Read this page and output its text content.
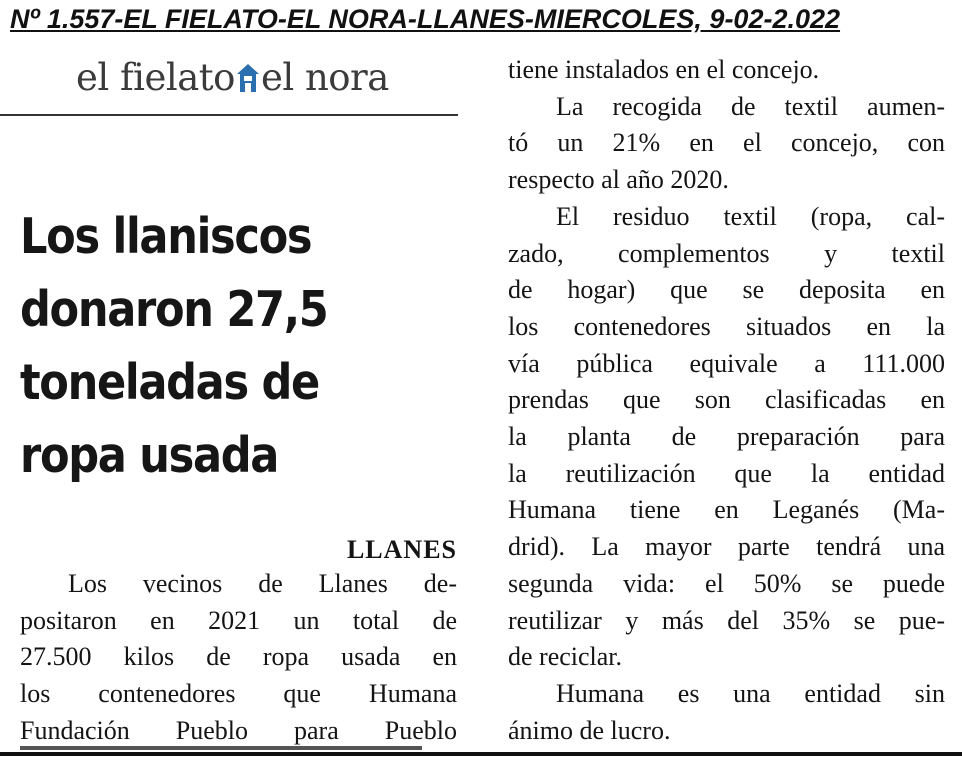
Nº 1.557-EL FIELATO-EL NORA-LLANES-MIERCOLES, 9-02-2.022
el fielato el nora

Los llaniscos
donaron 27,5
toneladas de
ropa usada

LLANES

Los vecinos de Llanes de-
positaron en 2021 un total de
27.500 kilos de ropa usada en
los contenedores que Humana
Fundación Pueblo para Pueblo

tiene instalados en el concejo.
La recogida de textil aumen-
tó un 21% en el concejo, con
respecto al año 2020.
El residuo textil (ropa, cal-
zado, complementos y textil
de hogar) que se deposita en
los contenedores situados en la
vía pública equivale a 111.000
prendas que son clasificadas en
la planta de preparación para
la reutilización que la entidad
Humana tiene en Leganés (Ma-
drid). La mayor parte tendrá una
segunda vida: el 50% se puede
reutilizar y más del 35% se pue-
de reciclar.
Humana es una entidad sin
ánimo de lucro.
